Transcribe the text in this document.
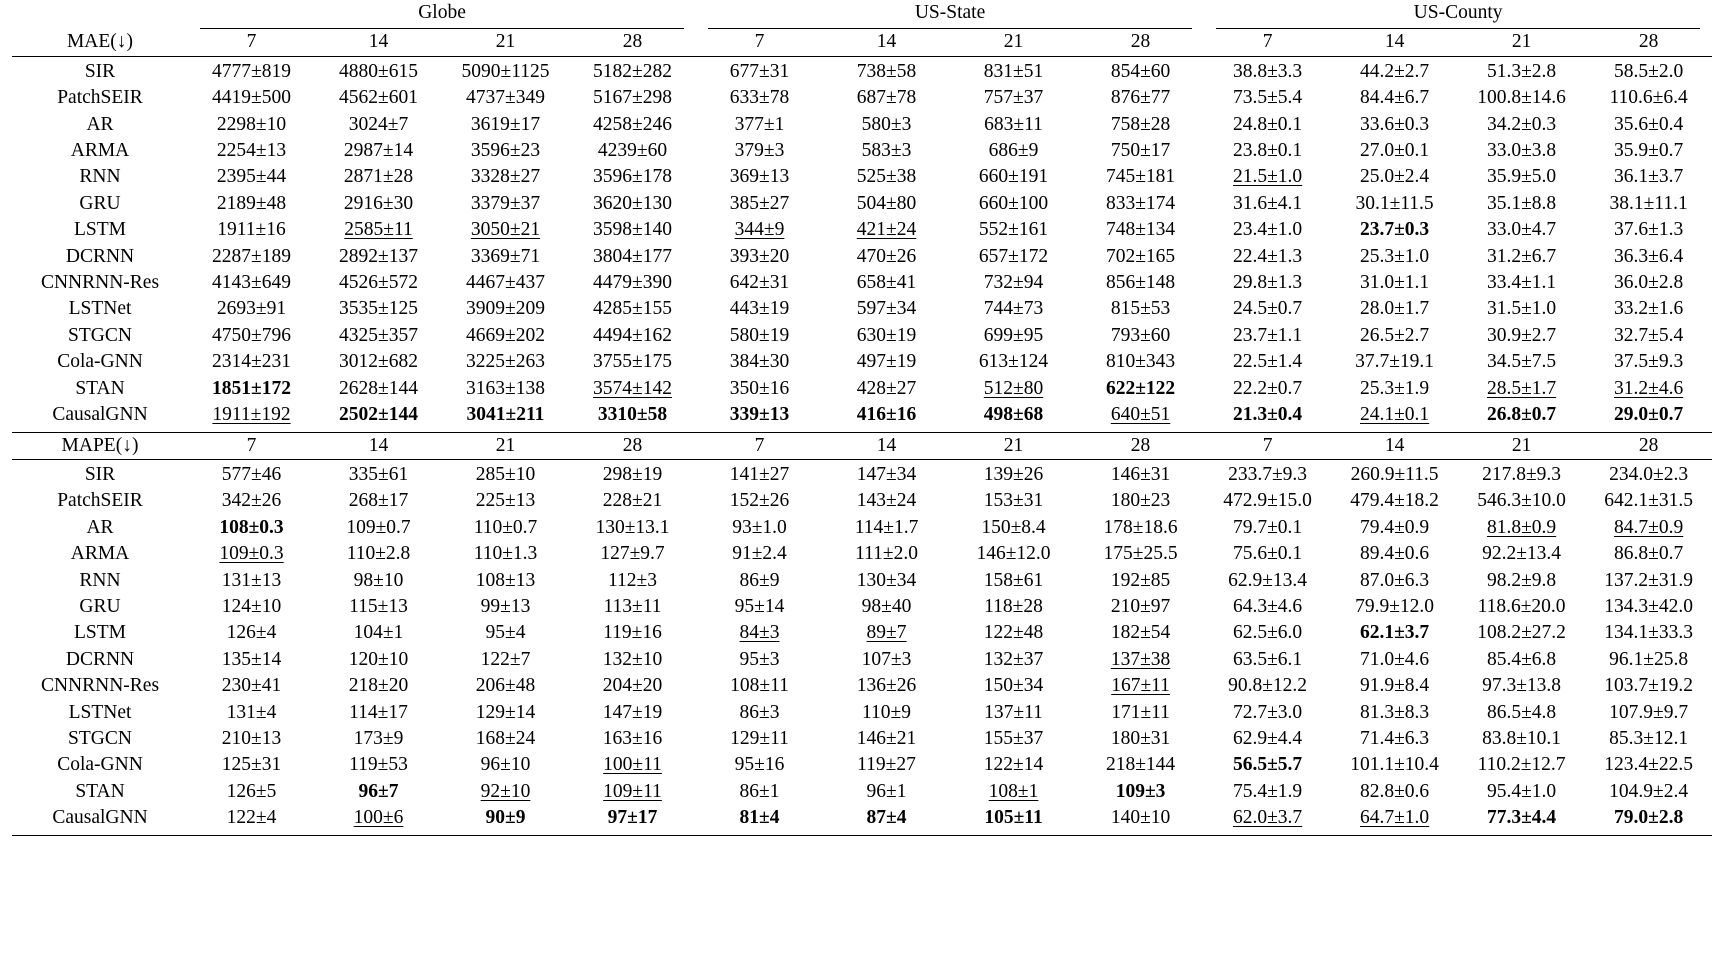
	Globe				US-State				US-County			

MAE(↓)	7	14	21	28	7	14	21	28	7	14	21	28

SIR	4777±819	4880±615	5090±1125	5182±282	677±31	738±58	831±51	854±60	38.8±3.3	44.2±2.7	51.3±2.8	58.5±2.0
PatchSEIR	4419±500	4562±601	4737±349	5167±298	633±78	687±78	757±37	876±77	73.5±5.4	84.4±6.7	100.8±14.6	110.6±6.4
AR	2298±10	3024±7	3619±17	4258±246	377±1	580±3	683±11	758±28	24.8±0.1	33.6±0.3	34.2±0.3	35.6±0.4
ARMA	2254±13	2987±14	3596±23	4239±60	379±3	583±3	686±9	750±17	23.8±0.1	27.0±0.1	33.0±3.8	35.9±0.7
RNN	2395±44	2871±28	3328±27	3596±178	369±13	525±38	660±191	745±181	21.5±1.0	25.0±2.4	35.9±5.0	36.1±3.7
GRU	2189±48	2916±30	3379±37	3620±130	385±27	504±80	660±100	833±174	31.6±4.1	30.1±11.5	35.1±8.8	38.1±11.1
LSTM	1911±16	2585±11	3050±21	3598±140	344±9	421±24	552±161	748±134	23.4±1.0	23.7±0.3	33.0±4.7	37.6±1.3
DCRNN	2287±189	2892±137	3369±71	3804±177	393±20	470±26	657±172	702±165	22.4±1.3	25.3±1.0	31.2±6.7	36.3±6.4
CNNRNN-Res	4143±649	4526±572	4467±437	4479±390	642±31	658±41	732±94	856±148	29.8±1.3	31.0±1.1	33.4±1.1	36.0±2.8
LSTNet	2693±91	3535±125	3909±209	4285±155	443±19	597±34	744±73	815±53	24.5±0.7	28.0±1.7	31.5±1.0	33.2±1.6
STGCN	4750±796	4325±357	4669±202	4494±162	580±19	630±19	699±95	793±60	23.7±1.1	26.5±2.7	30.9±2.7	32.7±5.4
Cola-GNN	2314±231	3012±682	3225±263	3755±175	384±30	497±19	613±124	810±343	22.5±1.4	37.7±19.1	34.5±7.5	37.5±9.3
STAN	1851±172	2628±144	3163±138	3574±142	350±16	428±27	512±80	622±122	22.2±0.7	25.3±1.9	28.5±1.7	31.2±4.6
CausalGNN	1911±192	2502±144	3041±211	3310±58	339±13	416±16	498±68	640±51	21.3±0.4	24.1±0.1	26.8±0.7	29.0±0.7

MAPE(↓)	7	14	21	28	7	14	21	28	7	14	21	28

SIR	577±46	335±61	285±10	298±19	141±27	147±34	139±26	146±31	233.7±9.3	260.9±11.5	217.8±9.3	234.0±2.3
PatchSEIR	342±26	268±17	225±13	228±21	152±26	143±24	153±31	180±23	472.9±15.0	479.4±18.2	546.3±10.0	642.1±31.5
AR	108±0.3	109±0.7	110±0.7	130±13.1	93±1.0	114±1.7	150±8.4	178±18.6	79.7±0.1	79.4±0.9	81.8±0.9	84.7±0.9
ARMA	109±0.3	110±2.8	110±1.3	127±9.7	91±2.4	111±2.0	146±12.0	175±25.5	75.6±0.1	89.4±0.6	92.2±13.4	86.8±0.7
RNN	131±13	98±10	108±13	112±3	86±9	130±34	158±61	192±85	62.9±13.4	87.0±6.3	98.2±9.8	137.2±31.9
GRU	124±10	115±13	99±13	113±11	95±14	98±40	118±28	210±97	64.3±4.6	79.9±12.0	118.6±20.0	134.3±42.0
LSTM	126±4	104±1	95±4	119±16	84±3	89±7	122±48	182±54	62.5±6.0	62.1±3.7	108.2±27.2	134.1±33.3
DCRNN	135±14	120±10	122±7	132±10	95±3	107±3	132±37	137±38	63.5±6.1	71.0±4.6	85.4±6.8	96.1±25.8
CNNRNN-Res	230±41	218±20	206±48	204±20	108±11	136±26	150±34	167±11	90.8±12.2	91.9±8.4	97.3±13.8	103.7±19.2
LSTNet	131±4	114±17	129±14	147±19	86±3	110±9	137±11	171±11	72.7±3.0	81.3±8.3	86.5±4.8	107.9±9.7
STGCN	210±13	173±9	168±24	163±16	129±11	146±21	155±37	180±31	62.9±4.4	71.4±6.3	83.8±10.1	85.3±12.1
Cola-GNN	125±31	119±53	96±10	100±11	95±16	119±27	122±14	218±144	56.5±5.7	101.1±10.4	110.2±12.7	123.4±22.5
STAN	126±5	96±7	92±10	109±11	86±1	96±1	108±1	109±3	75.4±1.9	82.8±0.6	95.4±1.0	104.9±2.4
CausalGNN	122±4	100±6	90±9	97±17	81±4	87±4	105±11	140±10	62.0±3.7	64.7±1.0	77.3±4.4	79.0±2.8
